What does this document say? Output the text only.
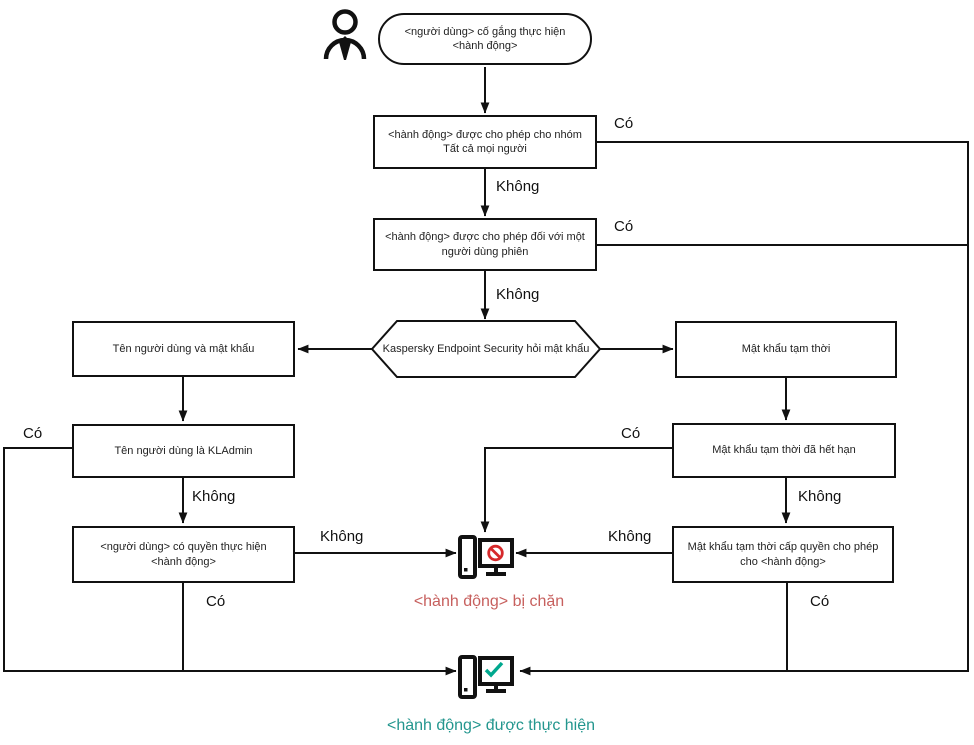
<người dùng> cố gắng thực hiện <hành động>
<hành động> được cho phép cho nhóm Tất cả mọi người
<hành động> được cho phép đối với một người dùng phiên
Kaspersky Endpoint Security hỏi mật khẩu
Tên người dùng và mật khẩu
Tên người dùng là KLAdmin
<người dùng> có quyền thực hiện <hành động>
Mật khẩu tạm thời
Mật khẩu tạm thời đã hết hạn
Mật khẩu tạm thời cấp quyền cho phép cho <hành động>
Có
Không
Có
Không
Có	Có
Không	Không
Không	Không
Có	Có
<hành động> bị chặn
<hành động> được thực hiện
